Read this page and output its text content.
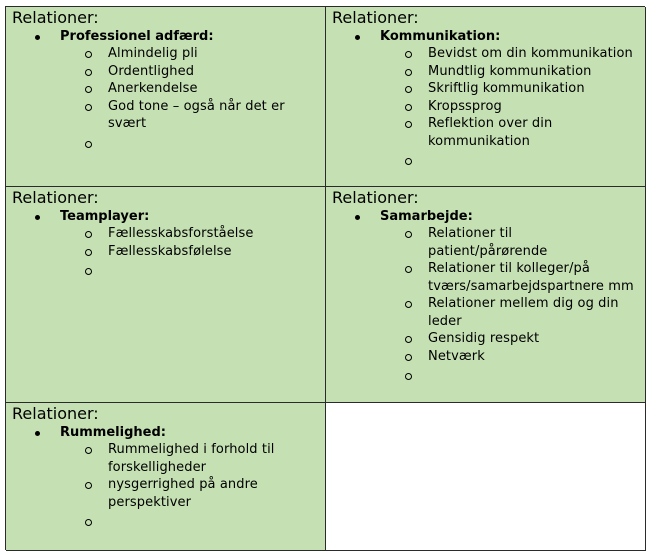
Relationer:

Professionel adfærd:
Almindelig pli
Ordentlighed
Anerkendelse
God tone – også når det er svært

Relationer:

Kommunikation:
Bevidst om din kommunikation
Mundtlig kommunikation
Skriftlig kommunikation
Kropssprog
Reflektion over din kommunikation

Relationer:

Teamplayer:
Fællesskabsforståelse
Fællesskabsfølelse

Relationer:

Samarbejde:
Relationer til patient/pårørende
Relationer til kolleger/på tværs/samarbejdspartnere mm
Relationer mellem dig og din leder
Gensidig respekt
Netværk

Relationer:

Rummelighed:
Rummelighed i forhold til forskelligheder
nysgerrighed på andre perspektiver
